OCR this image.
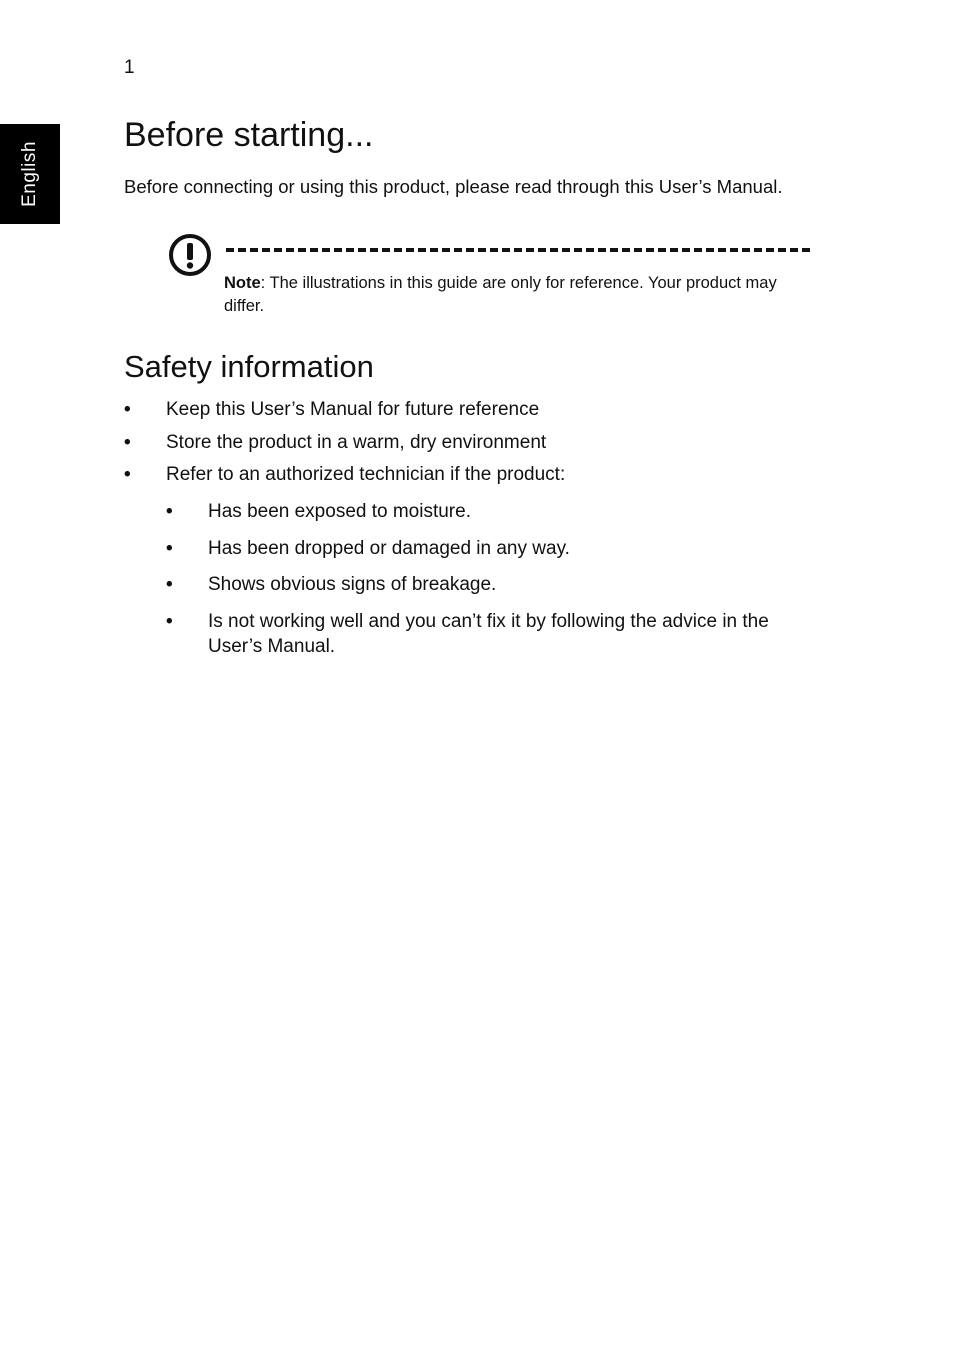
1
English
Before starting...

Before connecting or using this product, please read through this User’s Manual.

Note: The illustrations in this guide are only for reference. Your product may differ.

Safety information
• Keep this User’s Manual for future reference
• Store the product in a warm, dry environment
• Refer to an authorized technician if the product:
• Has been exposed to moisture.
• Has been dropped or damaged in any way.
• Shows obvious signs of breakage.
• Is not working well and you can’t fix it by following the advice in the User’s Manual.
